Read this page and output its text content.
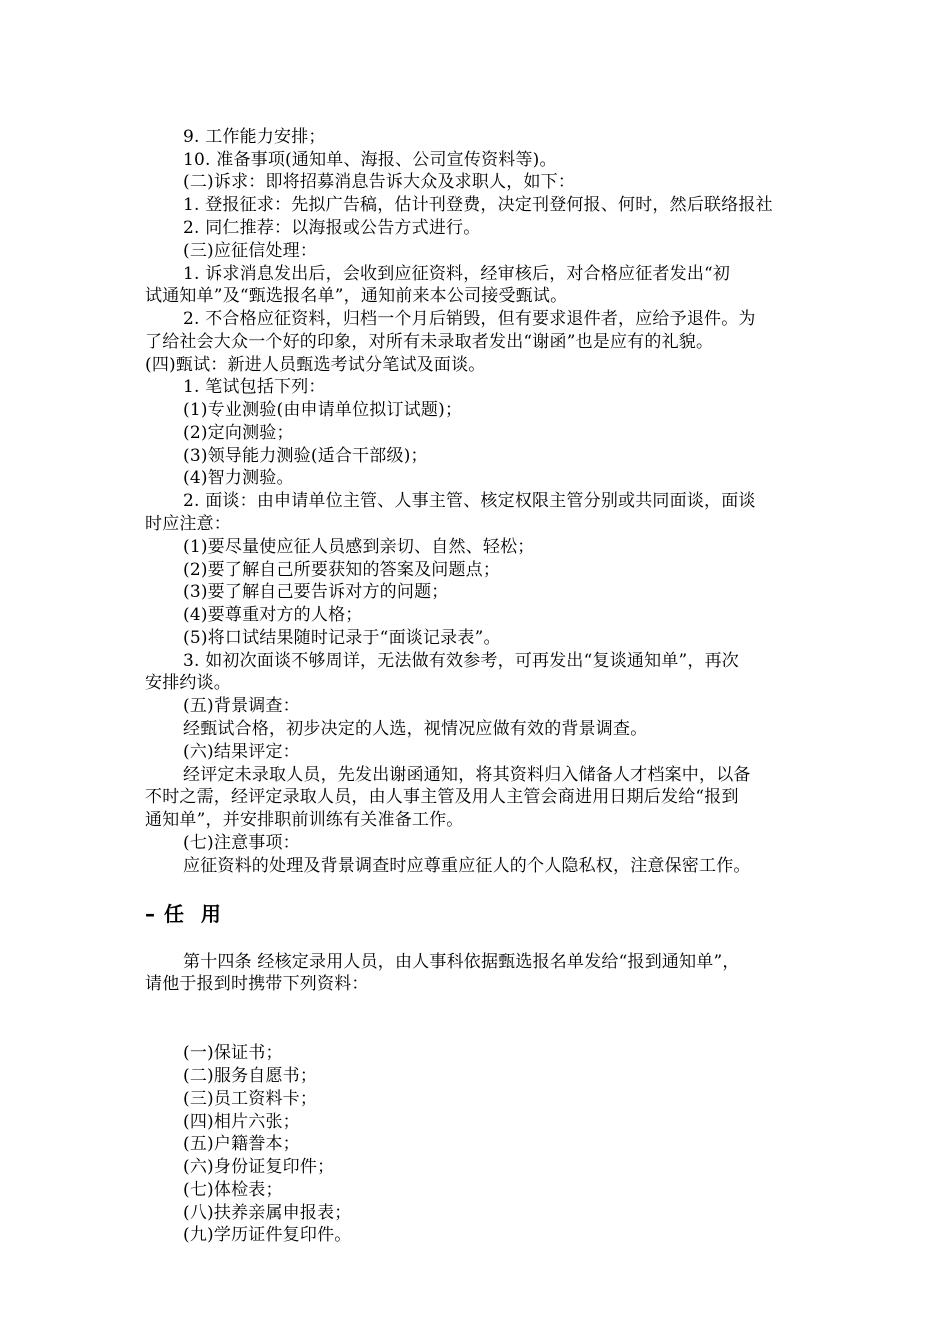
9. 工作能力安排；
10. 准备事项(通知单、海报、公司宣传资料等)。
(二)诉求：即将招募消息告诉大众及求职人，如下：
1. 登报征求：先拟广告稿，估计刊登费，决定刊登何报、何时，然后联络报社
2. 同仁推荐：以海报或公告方式进行。
(三)应征信处理：
1. 诉求消息发出后，会收到应征资料，经审核后，对合格应征者发出“初
试通知单”及“甄选报名单”，通知前来本公司接受甄试。
2. 不合格应征资料，归档一个月后销毁，但有要求退件者，应给予退件。为
了给社会大众一个好的印象，对所有未录取者发出“谢函”也是应有的礼貌。
(四)甄试：新进人员甄选考试分笔试及面谈。
1. 笔试包括下列：
(1)专业测验(由申请单位拟订试题)；
(2)定向测验；
(3)领导能力测验(适合干部级)；
(4)智力测验。
2. 面谈：由申请单位主管、人事主管、核定权限主管分别或共同面谈，面谈
时应注意：
(1)要尽量使应征人员感到亲切、自然、轻松；
(2)要了解自己所要获知的答案及问题点；
(3)要了解自己要告诉对方的问题；
(4)要尊重对方的人格；
(5)将口试结果随时记录于“面谈记录表”。
3. 如初次面谈不够周详，无法做有效参考，可再发出“复谈通知单”，再次
安排约谈。
(五)背景调查：
经甄试合格，初步决定的人选，视情况应做有效的背景调查。
(六)结果评定：
经评定未录取人员，先发出谢函通知，将其资料归入储备人才档案中，以备
不时之需，经评定录取人员，由人事主管及用人主管会商进用日期后发给“报到
通知单”，并安排职前训练有关准备工作。
(七)注意事项：
应征资料的处理及背景调查时应尊重应征人的个人隐私权，注意保密工作。
– 任  用
第十四条 经核定录用人员，由人事科依据甄选报名单发给“报到通知单”，
请他于报到时携带下列资料：
(一)保证书；
(二)服务自愿书；
(三)员工资料卡；
(四)相片六张；
(五)户籍誊本；
(六)身份证复印件；
(七)体检表；
(八)扶养亲属申报表；
(九)学历证件复印件。
